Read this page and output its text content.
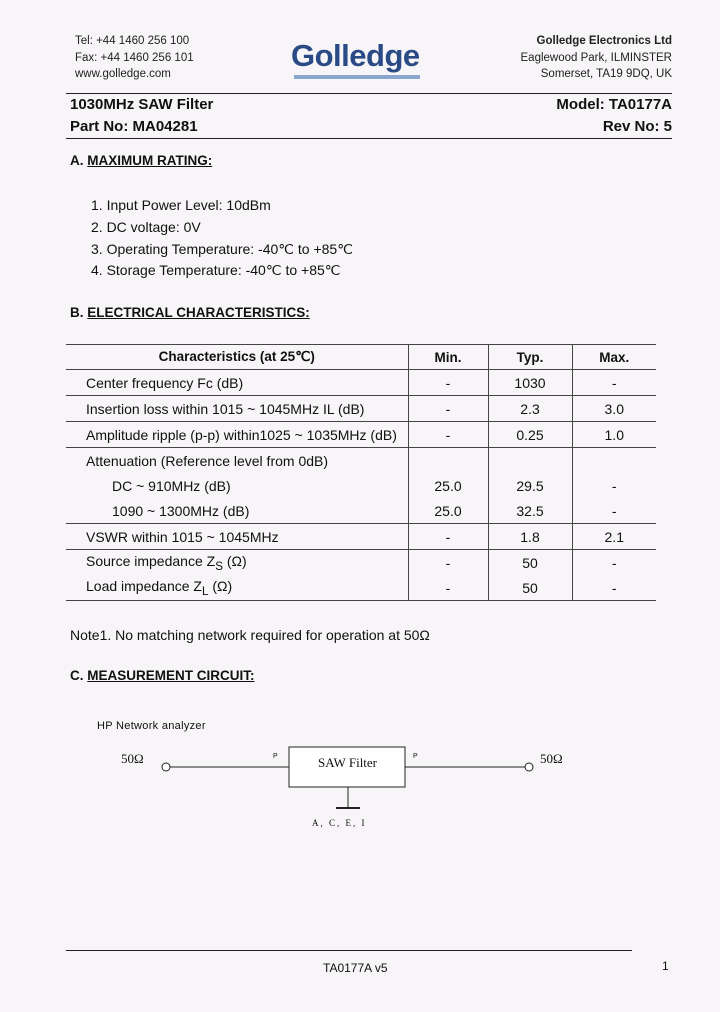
Tel: +44 1460 256 100
Fax: +44 1460 256 101
www.golledge.com
Golledge	Golledge Electronics Ltd
Eaglewood Park, ILMINSTER
Somerset, TA19 9DQ, UK
1030MHz SAW Filter	Model: TA0177A
Part No: MA04281	Rev No: 5
A. MAXIMUM RATING:
1. Input Power Level: 10dBm
2. DC voltage: 0V
3. Operating Temperature: -40℃ to +85℃
4. Storage Temperature: -40℃ to +85℃
B. ELECTRICAL CHARACTERISTICS:
Characteristics (at 25℃)	Min.	Typ.	Max.
Center frequency Fc (dB)	-	1030	-
Insertion loss within 1015 ~ 1045MHz IL (dB)	-	2.3	3.0
Amplitude ripple (p-p) within1025 ~ 1035MHz (dB)	-	0.25	1.0
Attenuation (Reference level from 0dB)			
DC ~ 910MHz (dB)	25.0	29.5	-
1090 ~ 1300MHz (dB)	25.0	32.5	-
VSWR within 1015 ~ 1045MHz	-	1.8	2.1
Source impedance $Z_S$ (Ω)	-	50	-
Load impedance $Z_L$ (Ω)	-	50	-
Note1. No matching network required for operation at 50Ω
C. MEASUREMENT CIRCUIT:
HP Network analyzer
50Ω	50Ω
SAW Filter
P	P
A, C, E, I
TA0177A v5	1
